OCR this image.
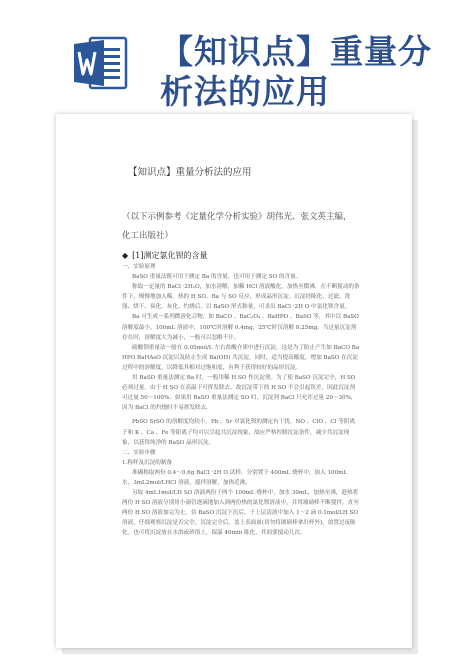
【知识点】重量分
析法的应用
【知识点】重量分析法的应用
（以下示例参考《定量化学分析实验》胡伟光、张文英主编，化工出版社）
◆ [1]测定氯化钡的含量

一、实验原理

BaSO 重量法既可用于测定 Ba 的含量，也可用于测定 SO 的含量。

称取一定量的 BaCl ·2H₂O，加水溶解，加稀 HCl 溶液酸化，加热至微沸，在不断搅动的条件下，慢慢地加入稀、热的 H SO，Ba 与 SO 反应，形成晶形沉淀。沉淀经陈化、过滤、洗涤、烘干、炭化、灰化、灼烧后，以 BaSO 形式称量，可求出 BaCl ·2H O 中氯化钡含量。

Ba 可生成一系列微溶化合物，如 BaCO 、BaC₂O₄ 、BaHPO 、BaSO 等，其中以 BaSO 溶解度最小，100mL 溶液中，100℃时溶解 0.4mg，25℃时仅溶解 0.25mg。当过量沉淀剂存在时，溶解度大为减小，一般可以忽略不计。

硫酸钡重量法一般在 0.05mol/L 左右盐酸介质中进行沉淀，这是为了防止产生如 BaCO BaHPO BaHAsO 沉淀以及防止生成 Ba(OH) 共沉淀。同时，适当提高酸度，增加 BaSO 在沉淀过程中的溶解度，以降低其相对过饱和度，有利于获得较好的晶形沉淀。

用 BaSO 重量法测定 Ba 时，一般用稀 H SO 作沉淀剂。为了使 BaSO 沉淀完全，H SO 必须过量。由于 H SO 在高温下可挥发除去，故沉淀带下的 H SO 不会引起误差，因此沉淀剂可过量 50～100%。如果用 BaSO 重量法测定 SO 时，沉淀剂 BaCl 只允许过量 20～30%，因为 BaCl 的灼烧时不易挥发除去。

PbSO SrSO 的溶解度均较小，Pb 、Sr 对氯化钡的测定有干扰。NO 、ClO 、Cl 等阴离子和 K 、Ca 、Fe 等阳离子均可以引起共沉淀现象，故应严格控制沉淀条件，减少共沉淀现象，以获得纯净的 BaSO 晶形沉淀。

二、实验步骤

1.称样及沉淀的制备

准确称取两份 0.4～0.6g BaCl ·2H O 试样，分别置于 400mL 烧杯中，加入 100mL 水，3mL2mol/LHCl 溶液，搅拌溶解，加热近沸。

另取 4mL1mol/LH SO 溶液两份于两个 100mL 烧杯中，加水 30mL，加热至沸，趁热将两份 H SO 溶液分别用小滴管逐滴地加入到两份热的氯化钡溶液中，并用玻璃棒不断搅拌，直至两份 H SO 溶液加完为止。待 BaSO 沉淀下沉后，于上层清液中加入 1～2 滴 0.1mol/LH SO 溶液，仔细观察沉淀是否完全。沉淀完全后，盖上表面皿(切勿将玻璃棒拿出杯外)，放置过夜陈化。也可将沉淀放在水浴或砂浴上，保温 40min 陈化，其间要搅动几次。
